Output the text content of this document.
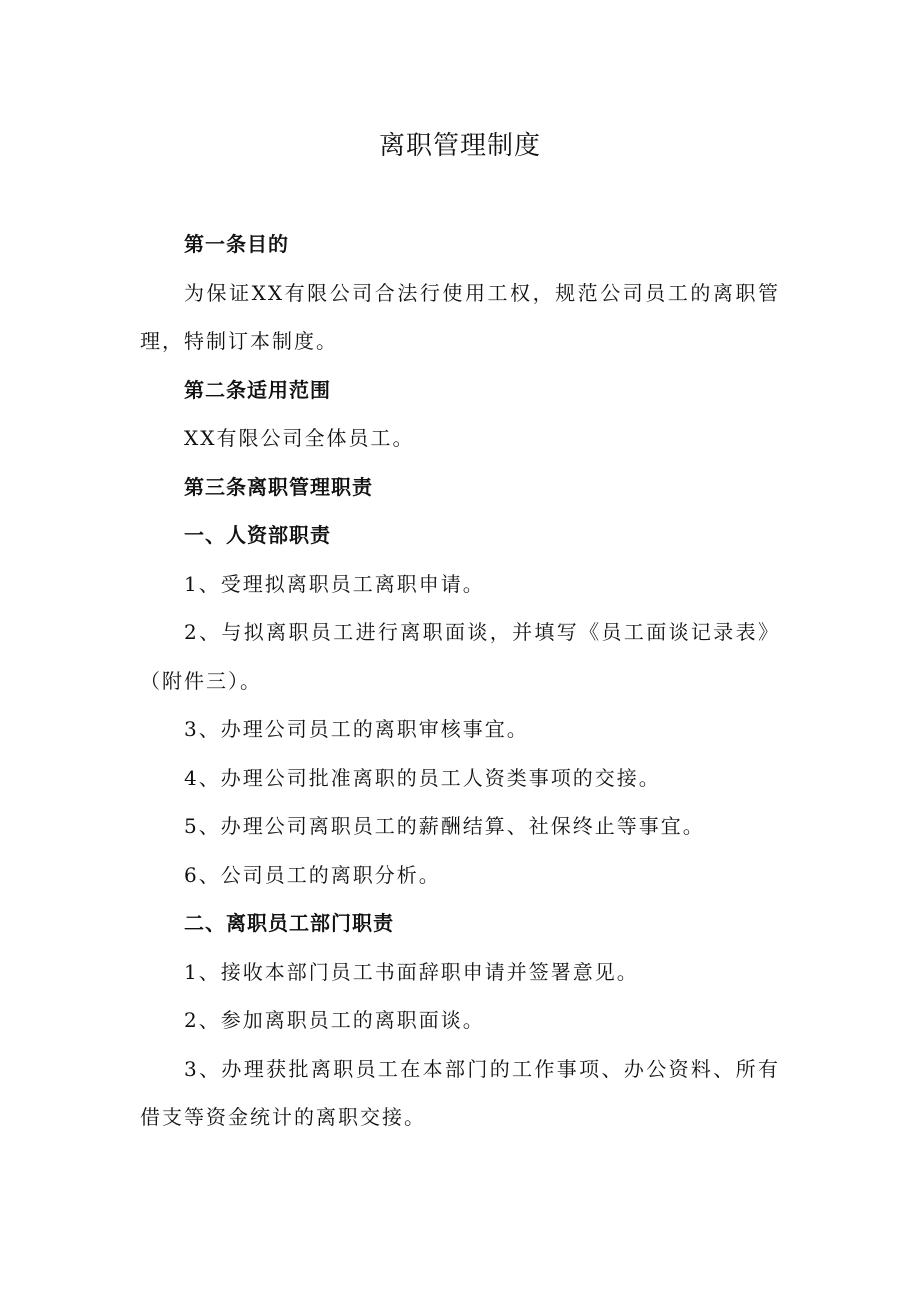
离职管理制度

第一条目的

为保证XX有限公司合法行使用工权，规范公司员工的离职管理，特制订本制度。

第二条适用范围

XX有限公司全体员工。

第三条离职管理职责

一、人资部职责

1、受理拟离职员工离职申请。

2、与拟离职员工进行离职面谈，并填写《员工面谈记录表》（附件三）。

3、办理公司员工的离职审核事宜。

4、办理公司批准离职的员工人资类事项的交接。

5、办理公司离职员工的薪酬结算、社保终止等事宜。

6、公司员工的离职分析。

二、离职员工部门职责

1、接收本部门员工书面辞职申请并签署意见。

2、参加离职员工的离职面谈。

3、办理获批离职员工在本部门的工作事项、办公资料、所有借支等资金统计的离职交接。
